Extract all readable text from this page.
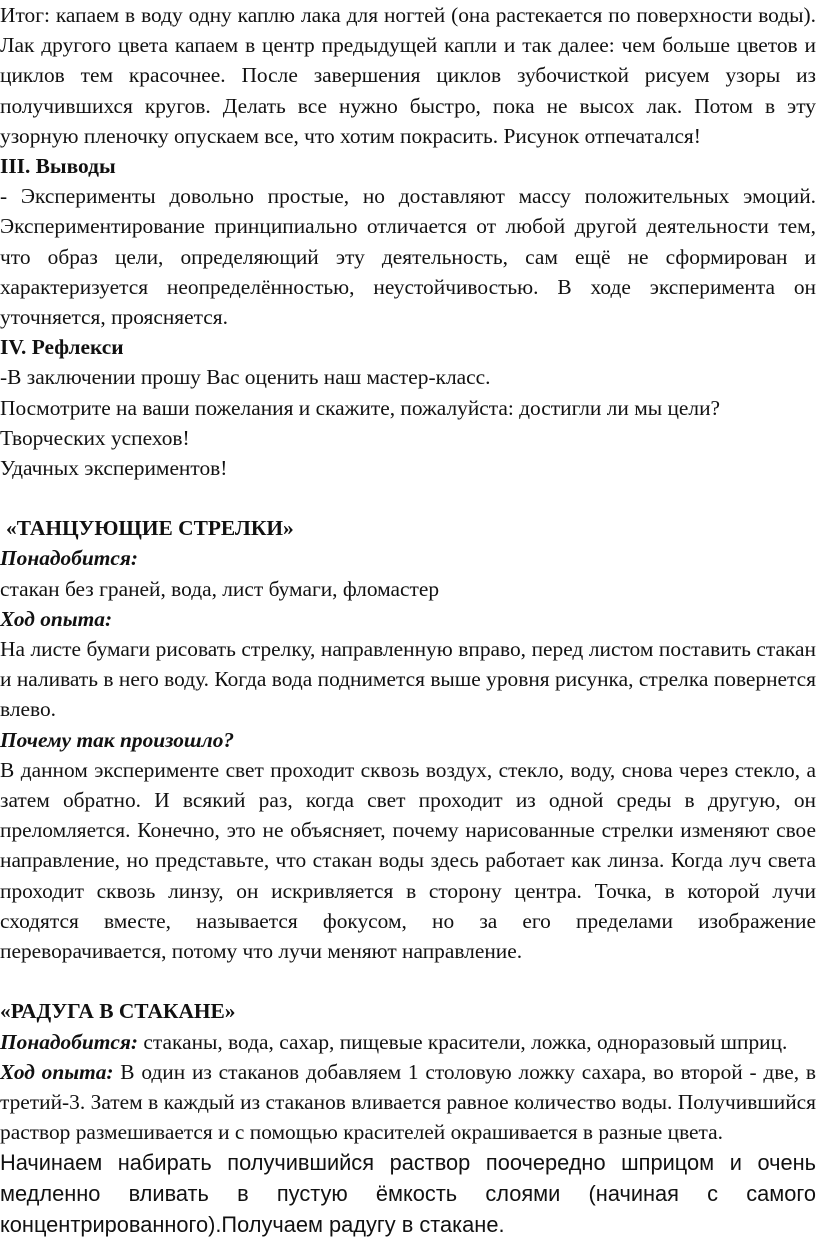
Итог: капаем в воду одну каплю лака для ногтей (она растекается по поверхности воды). Лак другого цвета капаем в центр предыдущей капли и так далее: чем больше цветов и циклов тем красочнее. После завершения циклов зубочисткой рисуем узоры из получившихся кругов. Делать все нужно быстро, пока не высох лак. Потом в эту узорную пленочку опускаем все, что хотим покрасить. Рисунок отпечатался!

III. Выводы

- Эксперименты довольно простые, но доставляют массу положительных эмоций. Экспериментирование принципиально отличается от любой другой деятельности тем, что образ цели, определяющий эту деятельность, сам ещё не сформирован и характеризуется неопределённостью, неустойчивостью. В ходе эксперимента он уточняется, проясняется.

IV. Рефлекси

-В заключении прошу Вас оценить наш мастер-класс.

Посмотрите на ваши пожелания и скажите, пожалуйста: достигли ли мы цели?

Творческих успехов!

Удачных экспериментов!

«ТАНЦУЮЩИЕ СТРЕЛКИ»

Понадобится:

стакан без граней, вода, лист бумаги, фломастер

Ход опыта:

На листе бумаги рисовать стрелку, направленную вправо, перед листом поставить стакан и наливать в него воду. Когда вода поднимется выше уровня рисунка, стрелка повернется влево.

Почему так произошло?

В данном эксперименте свет проходит сквозь воздух, стекло, воду, снова через стекло, а затем обратно. И всякий раз, когда свет проходит из одной среды в другую, он преломляется. Конечно, это не объясняет, почему нарисованные стрелки изменяют свое направление, но представьте, что стакан воды здесь работает как линза. Когда луч света проходит сквозь линзу, он искривляется в сторону центра. Точка, в которой лучи сходятся вместе, называется фокусом, но за его пределами изображение переворачивается, потому что лучи меняют направление.

«РАДУГА В СТАКАНЕ»

Понадобится: стаканы, вода, сахар, пищевые красители, ложка, одноразовый шприц.

Ход опыта: В один из стаканов добавляем 1 столовую ложку сахара, во второй - две, в третий-3. Затем в каждый из стаканов вливается равное количество воды. Получившийся раствор размешивается и с помощью красителей окрашивается в разные цвета.

Начинаем набирать получившийся раствор поочередно шприцом и очень медленно вливать в пустую ёмкость слоями (начиная с самого концентрированного).Получаем радугу в стакане.
